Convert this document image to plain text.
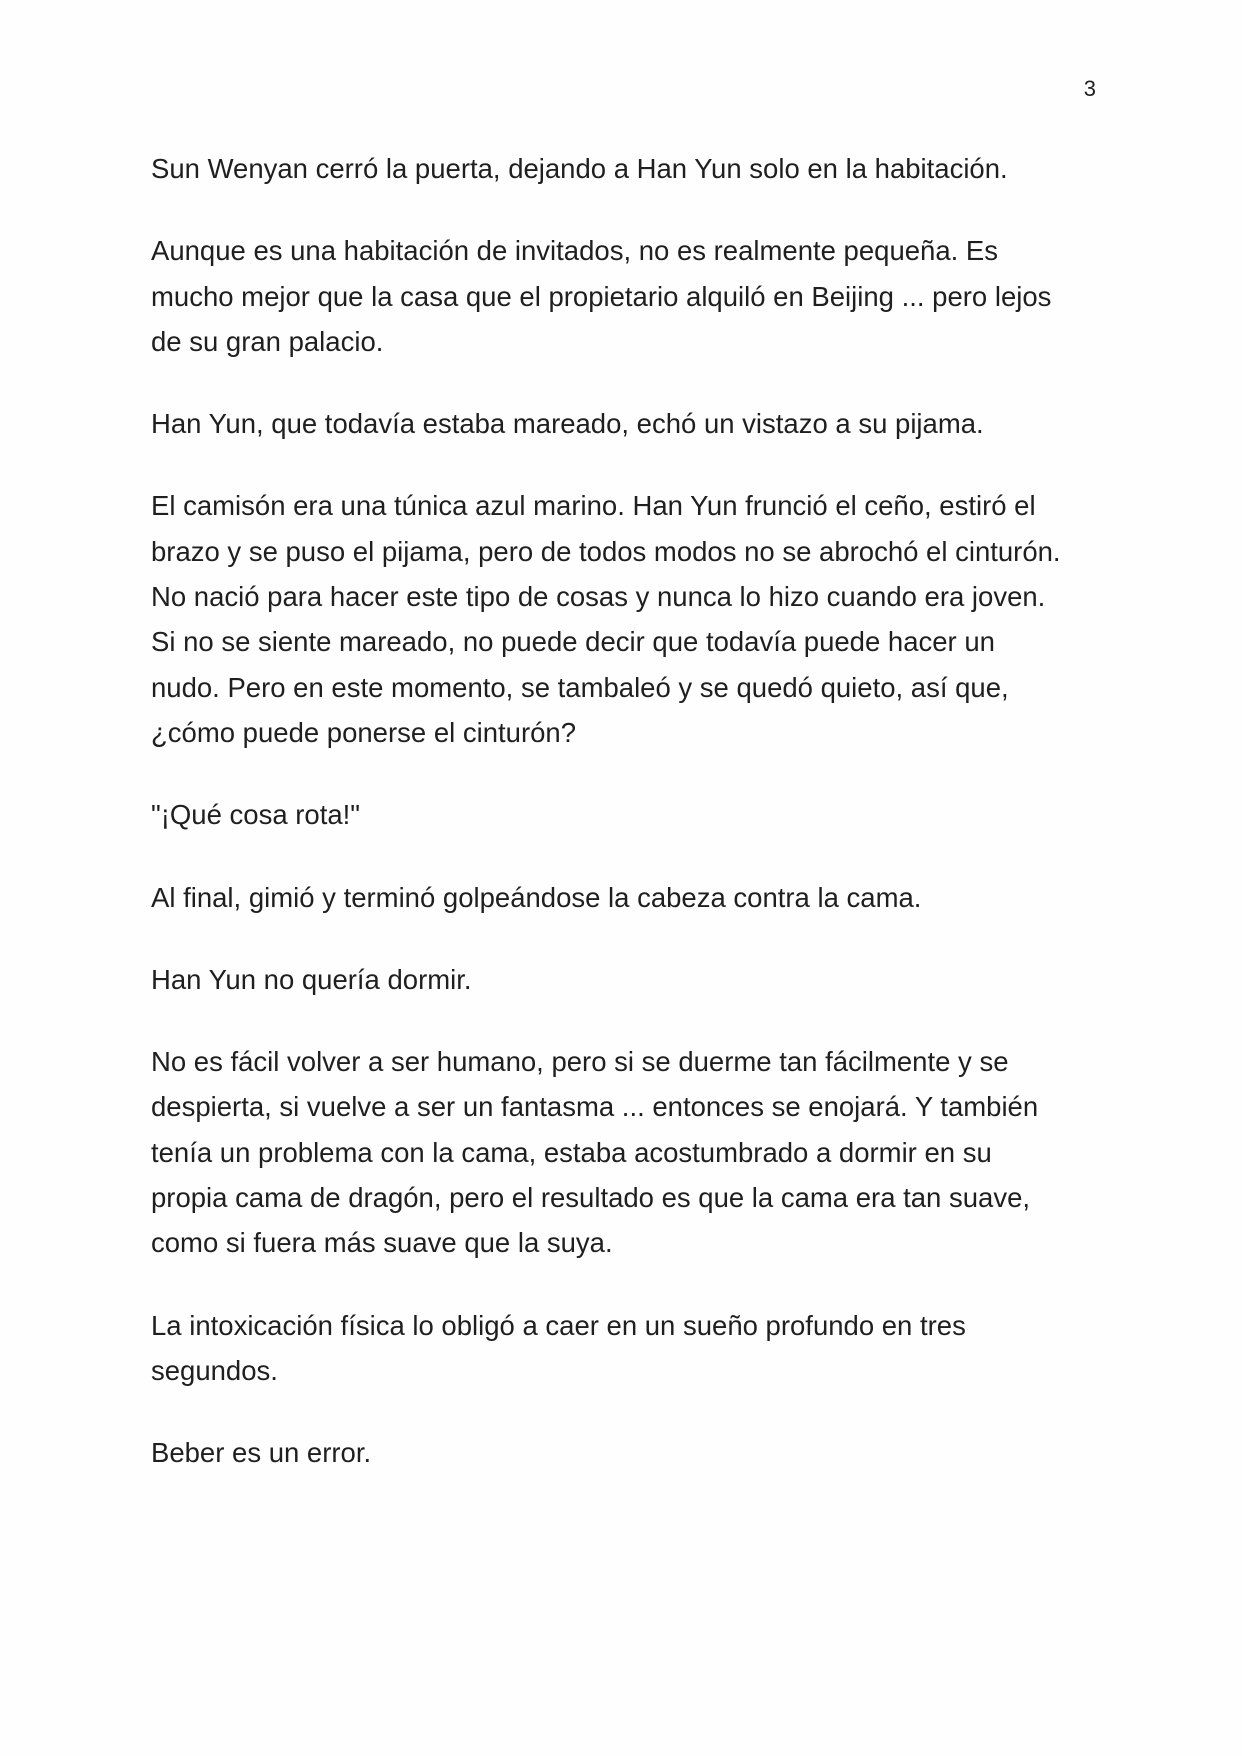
3

Sun Wenyan cerró la puerta, dejando a Han Yun solo en la habitación.

Aunque es una habitación de invitados, no es realmente pequeña. Es
mucho mejor que la casa que el propietario alquiló en Beijing ... pero lejos
de su gran palacio.

Han Yun, que todavía estaba mareado, echó un vistazo a su pijama.

El camisón era una túnica azul marino. Han Yun frunció el ceño, estiró el
brazo y se puso el pijama, pero de todos modos no se abrochó el cinturón.
No nació para hacer este tipo de cosas y nunca lo hizo cuando era joven.
Si no se siente mareado, no puede decir que todavía puede hacer un
nudo. Pero en este momento, se tambaleó y se quedó quieto, así que,
¿cómo puede ponerse el cinturón?

"¡Qué cosa rota!"

Al final, gimió y terminó golpeándose la cabeza contra la cama.

Han Yun no quería dormir.

No es fácil volver a ser humano, pero si se duerme tan fácilmente y se
despierta, si vuelve a ser un fantasma ... entonces se enojará. Y también
tenía un problema con la cama, estaba acostumbrado a dormir en su
propia cama de dragón, pero el resultado es que la cama era tan suave,
como si fuera más suave que la suya.

La intoxicación física lo obligó a caer en un sueño profundo en tres
segundos.

Beber es un error.
